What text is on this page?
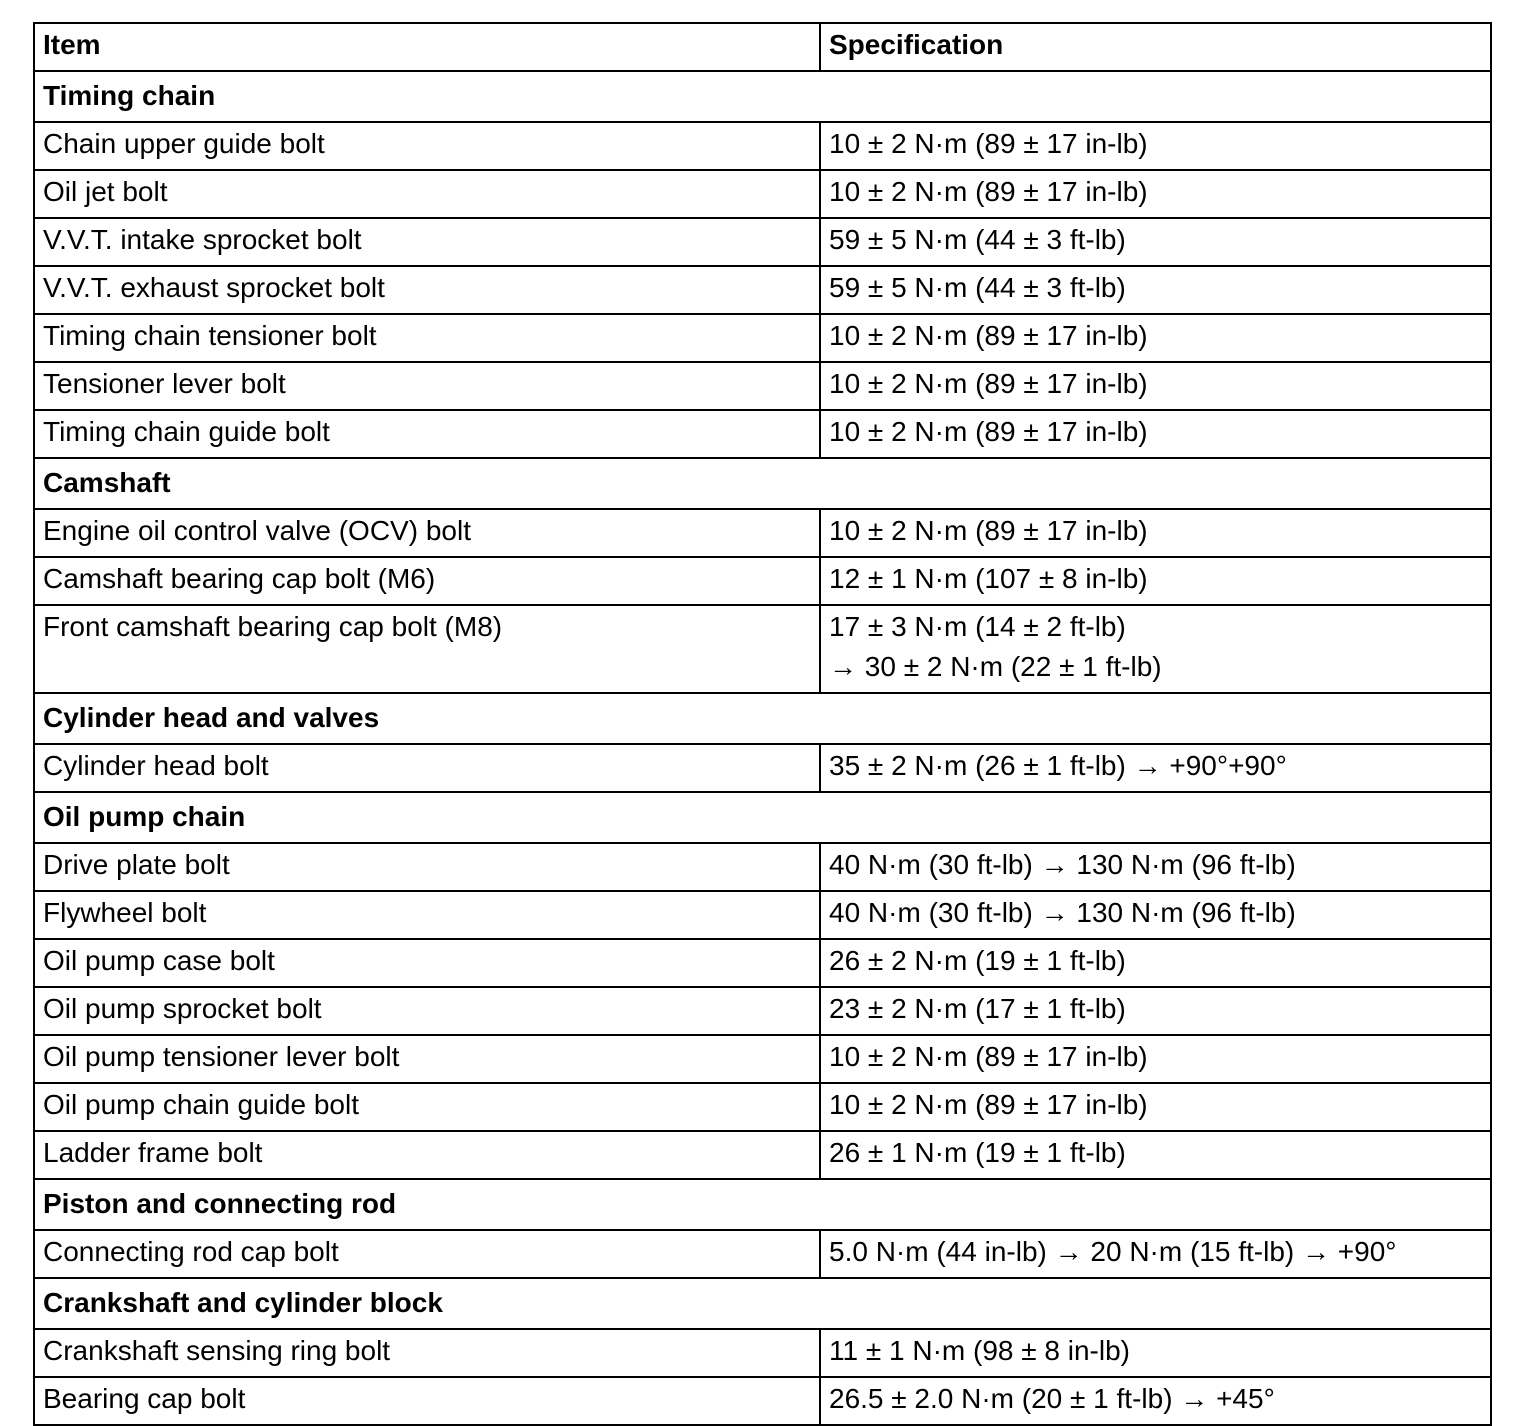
Item	Specification
Timing chain	
Chain upper guide bolt	10 ± 2 N·m (89 ± 17 in-lb)

Oil jet bolt	10 ± 2 N·m (89 ± 17 in-lb)

V.V.T. intake sprocket bolt	59 ± 5 N·m (44 ± 3 ft-lb)

V.V.T. exhaust sprocket bolt	59 ± 5 N·m (44 ± 3 ft-lb)

Timing chain tensioner bolt	10 ± 2 N·m (89 ± 17 in-lb)

Tensioner lever bolt	10 ± 2 N·m (89 ± 17 in-lb)

Timing chain guide bolt	10 ± 2 N·m (89 ± 17 in-lb)

Camshaft	
Engine oil control valve (OCV) bolt	10 ± 2 N·m (89 ± 17 in-lb)

Camshaft bearing cap bolt (M6)	12 ± 1 N·m (107 ± 8 in-lb)

Front camshaft bearing cap bolt (M8)	17 ± 3 N·m (14 ± 2 ft-lb)
→ 30 ± 2 N·m (22 ± 1 ft-lb)

Cylinder head and valves	
Cylinder head bolt	35 ± 2 N·m (26 ± 1 ft-lb) → +90°+90°

Oil pump chain	
Drive plate bolt	40 N·m (30 ft-lb) → 130 N·m (96 ft-lb)

Flywheel bolt	40 N·m (30 ft-lb) → 130 N·m (96 ft-lb)

Oil pump case bolt	26 ± 2 N·m (19 ± 1 ft-lb)

Oil pump sprocket bolt	23 ± 2 N·m (17 ± 1 ft-lb)

Oil pump tensioner lever bolt	10 ± 2 N·m (89 ± 17 in-lb)

Oil pump chain guide bolt	10 ± 2 N·m (89 ± 17 in-lb)

Ladder frame bolt	26 ± 1 N·m (19 ± 1 ft-lb)

Piston and connecting rod	
Connecting rod cap bolt	5.0 N·m (44 in-lb) → 20 N·m (15 ft-lb) → +90°

Crankshaft and cylinder block	
Crankshaft sensing ring bolt	11 ± 1 N·m (98 ± 8 in-lb)

Bearing cap bolt	26.5 ± 2.0 N·m (20 ± 1 ft-lb) → +45°
